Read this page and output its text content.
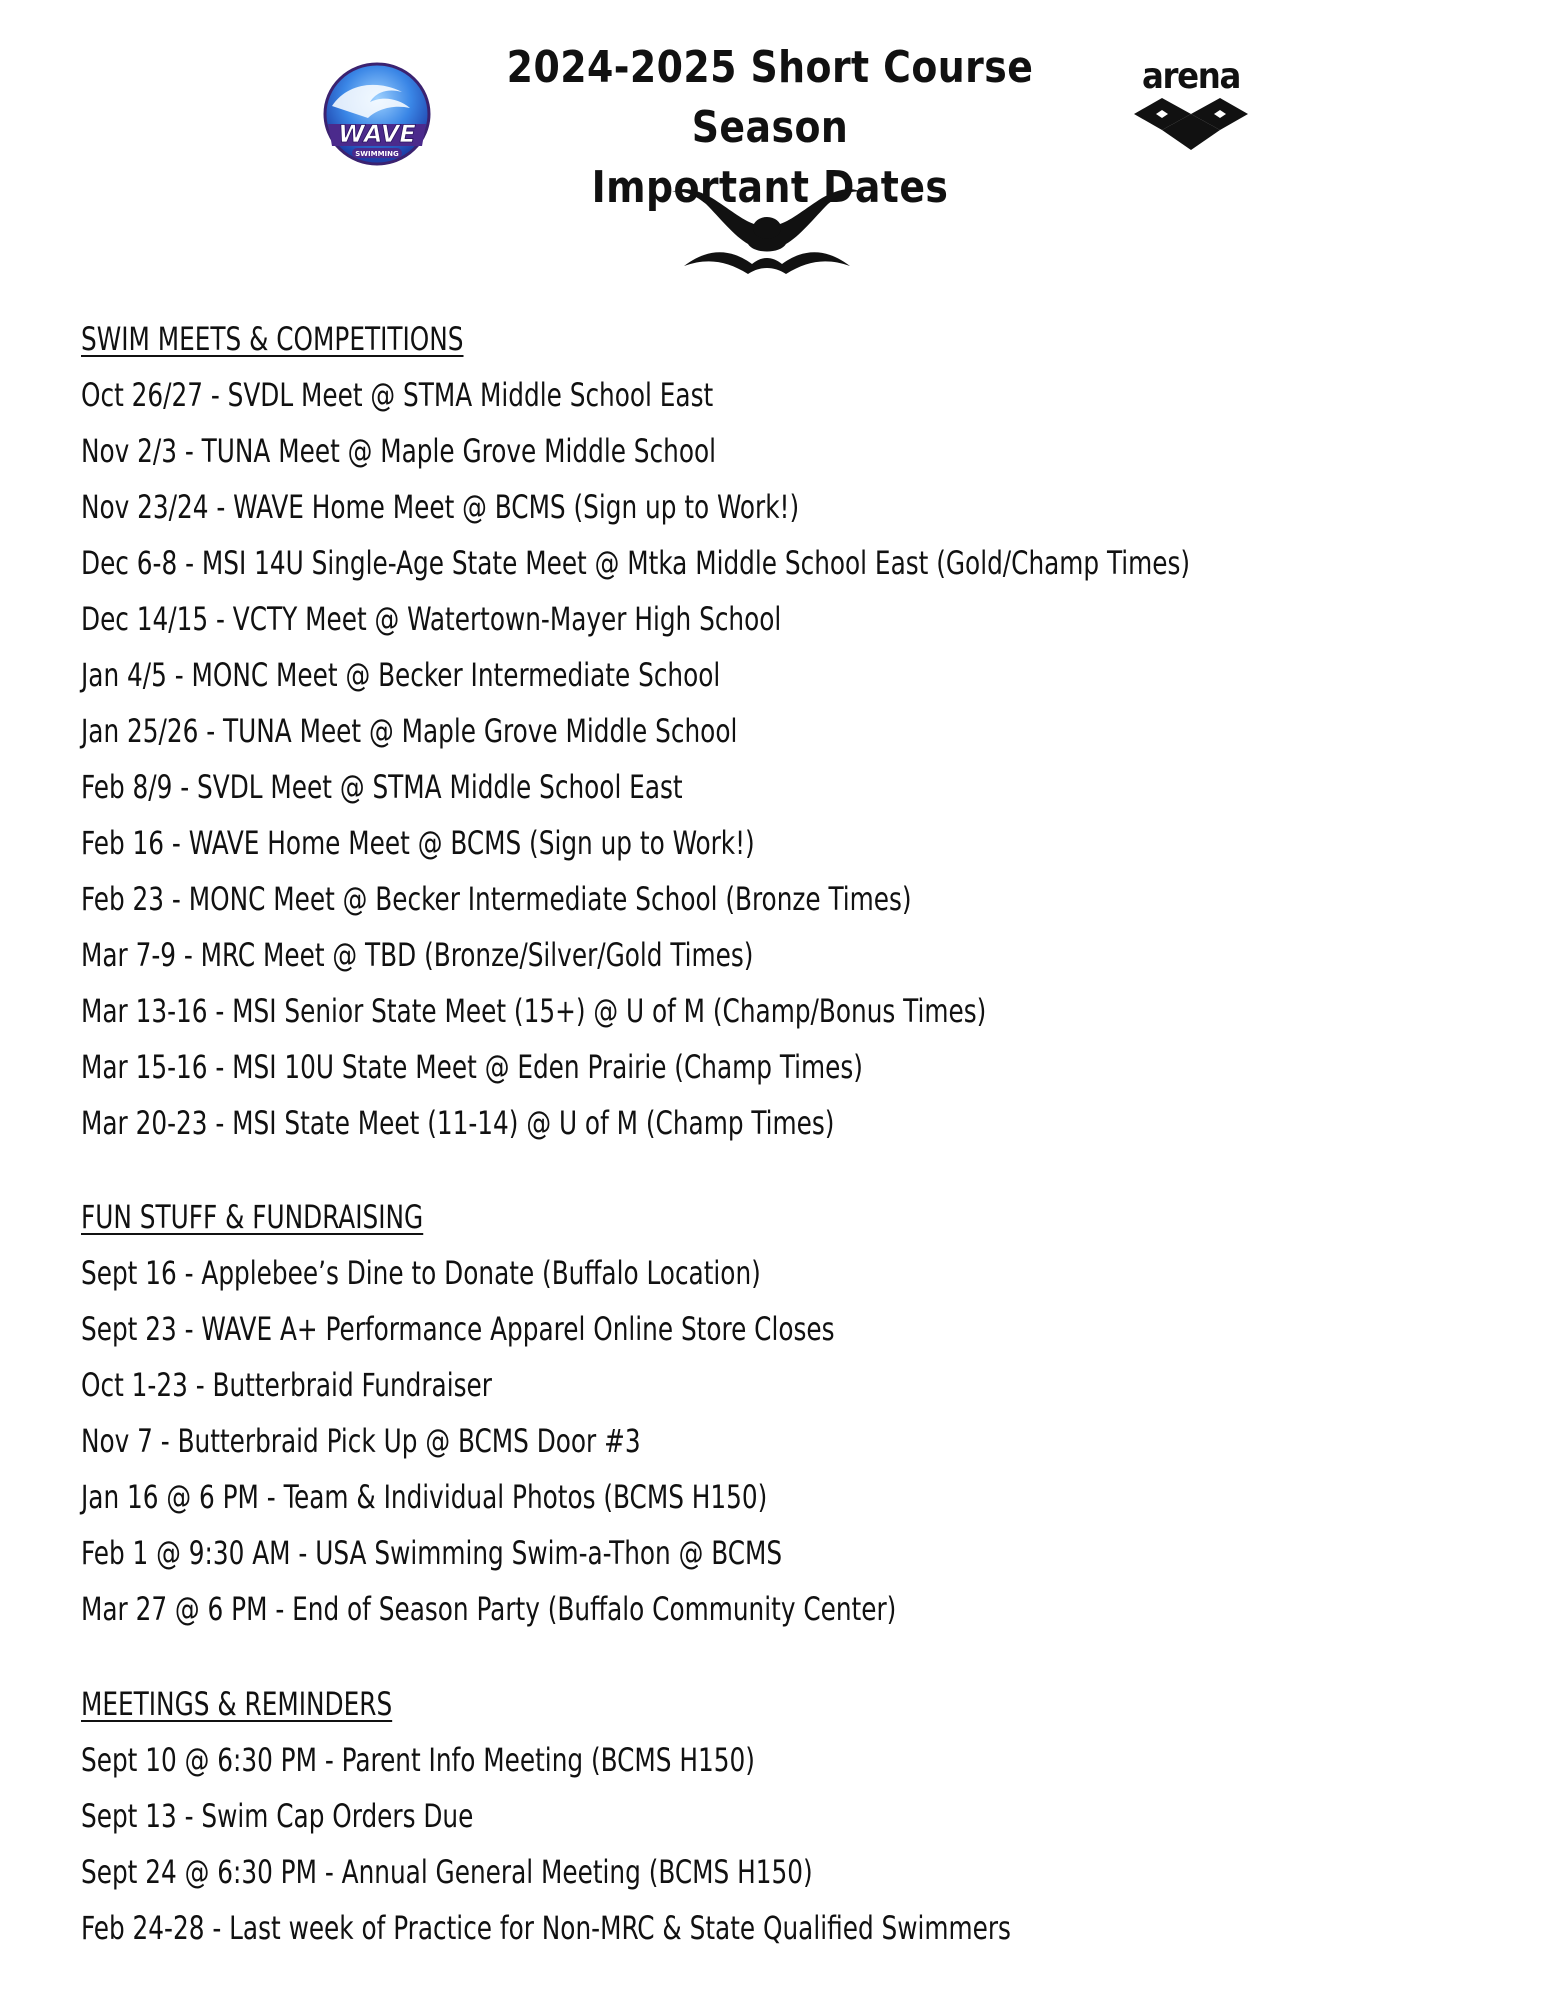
WAVE
SWIMMING
2024-2025 Short Course Season
Important Dates
arena
SWIM MEETS & COMPETITIONS
Oct 26/27 - SVDL Meet @ STMA Middle School East
Nov 2/3 - TUNA Meet @ Maple Grove Middle School
Nov 23/24 - WAVE Home Meet @ BCMS (Sign up to Work!)
Dec 6-8 - MSI 14U Single-Age State Meet @ Mtka Middle School East (Gold/Champ Times)
Dec 14/15 - VCTY Meet @ Watertown-Mayer High School
Jan 4/5 - MONC Meet @ Becker Intermediate School
Jan 25/26 - TUNA Meet @ Maple Grove Middle School
Feb 8/9 - SVDL Meet @ STMA Middle School East
Feb 16 - WAVE Home Meet @ BCMS (Sign up to Work!)
Feb 23 - MONC Meet @ Becker Intermediate School (Bronze Times)
Mar 7-9 - MRC Meet @ TBD (Bronze/Silver/Gold Times)
Mar 13-16 - MSI Senior State Meet (15+) @ U of M (Champ/Bonus Times)
Mar 15-16 - MSI 10U State Meet @ Eden Prairie (Champ Times)
Mar 20-23 - MSI State Meet (11-14) @ U of M (Champ Times)
FUN STUFF & FUNDRAISING
Sept 16 - Applebee’s Dine to Donate (Buffalo Location)
Sept 23 - WAVE A+ Performance Apparel Online Store Closes
Oct 1-23 - Butterbraid Fundraiser
Nov 7 - Butterbraid Pick Up @ BCMS Door #3
Jan 16 @ 6 PM - Team & Individual Photos (BCMS H150)
Feb 1 @ 9:30 AM - USA Swimming Swim-a-Thon @ BCMS
Mar 27 @ 6 PM - End of Season Party (Buffalo Community Center)
MEETINGS & REMINDERS
Sept 10 @ 6:30 PM - Parent Info Meeting (BCMS H150)
Sept 13 - Swim Cap Orders Due
Sept 24 @ 6:30 PM - Annual General Meeting (BCMS H150)
Feb 24-28 - Last week of Practice for Non-MRC & State Qualified Swimmers
